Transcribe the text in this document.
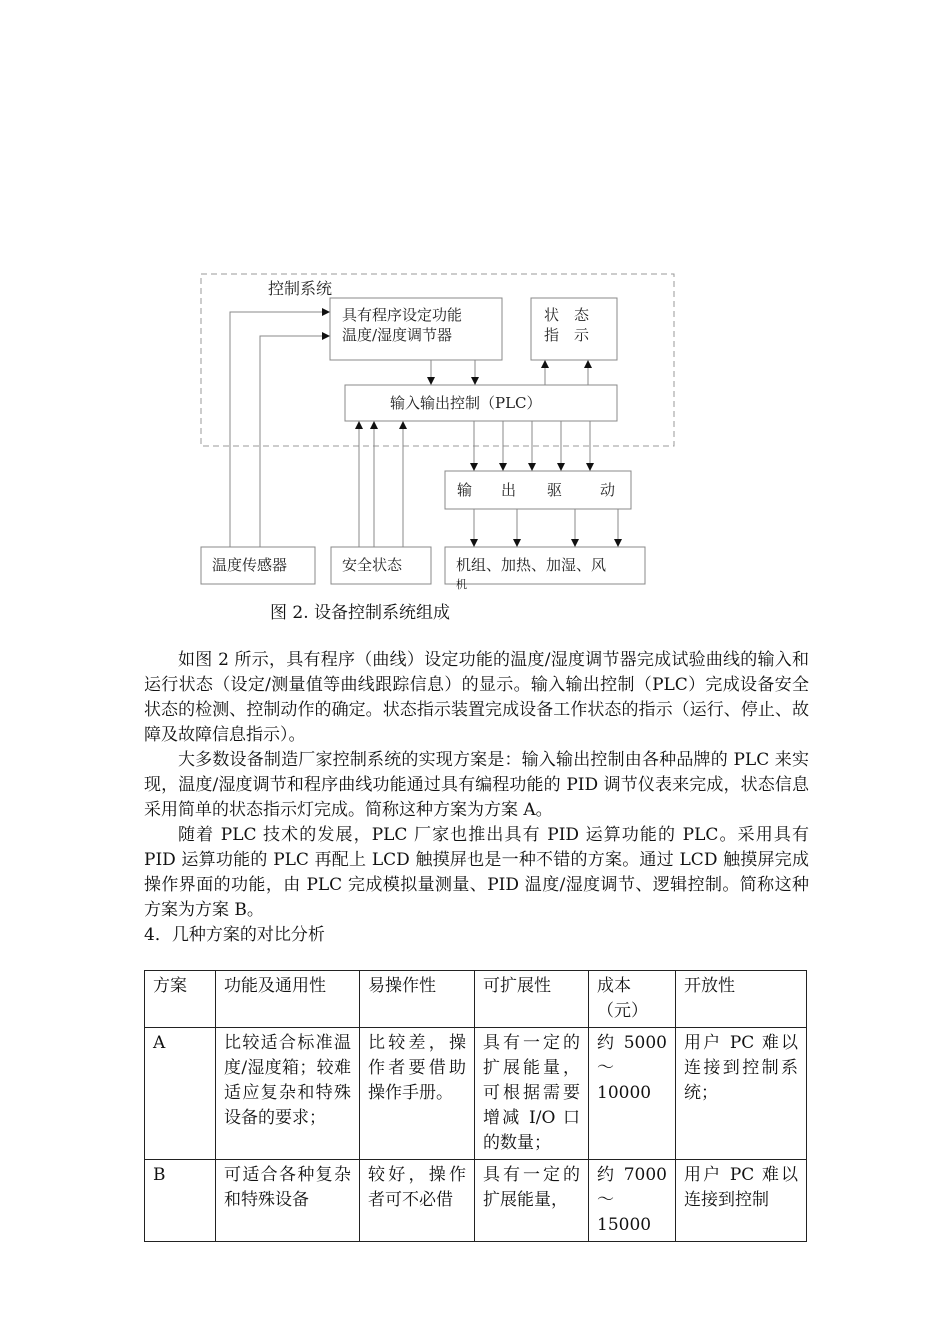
控制系统
具有程序设定功能
温度/湿度调节器
状　态
指　示
输入输出控制（PLC）
输 出 驱	动
温度传感器	安全状态	机组、加热、加湿、风
机
图 2. 设备控制系统组成

如图 2 所示，具有程序（曲线）设定功能的温度/湿度调节器完成试验曲线的输入和运行状态（设定/测量值等曲线跟踪信息）的显示。输入输出控制（PLC）完成设备安全状态的检测、控制动作的确定。状态指示装置完成设备工作状态的指示（运行、停止、故障及故障信息指示）。

大多数设备制造厂家控制系统的实现方案是：输入输出控制由各种品牌的 PLC 来实现，温度/湿度调节和程序曲线功能通过具有编程功能的 PID 调节仪表来完成，状态信息采用简单的状态指示灯完成。简称这种方案为方案 A。

随着 PLC 技术的发展，PLC 厂家也推出具有 PID 运算功能的 PLC。采用具有 PID 运算功能的 PLC 再配上 LCD 触摸屏也是一种不错的方案。通过 LCD 触摸屏完成操作界面的功能，由 PLC 完成模拟量测量、PID 温度/湿度调节、逻辑控制。简称这种方案为方案 B。

4．几种方案的对比分析
方案	功能及通用性	易操作性	可扩展性	成本（元）	开放性
A	比较适合标准温度/湿度箱；较难适应复杂和特殊设备的要求；	比较差，操作者要借助操作手册。	具有一定的扩展能量，可根据需要增减 I/O 口的数量；	约 5000～10000	用户 PC 难以连接到控制系统；
B	可适合各种复杂和特殊设备	较好，操作者可不必借	具有一定的扩展能量，	约 7000～15000	用户 PC 难以连接到控制
